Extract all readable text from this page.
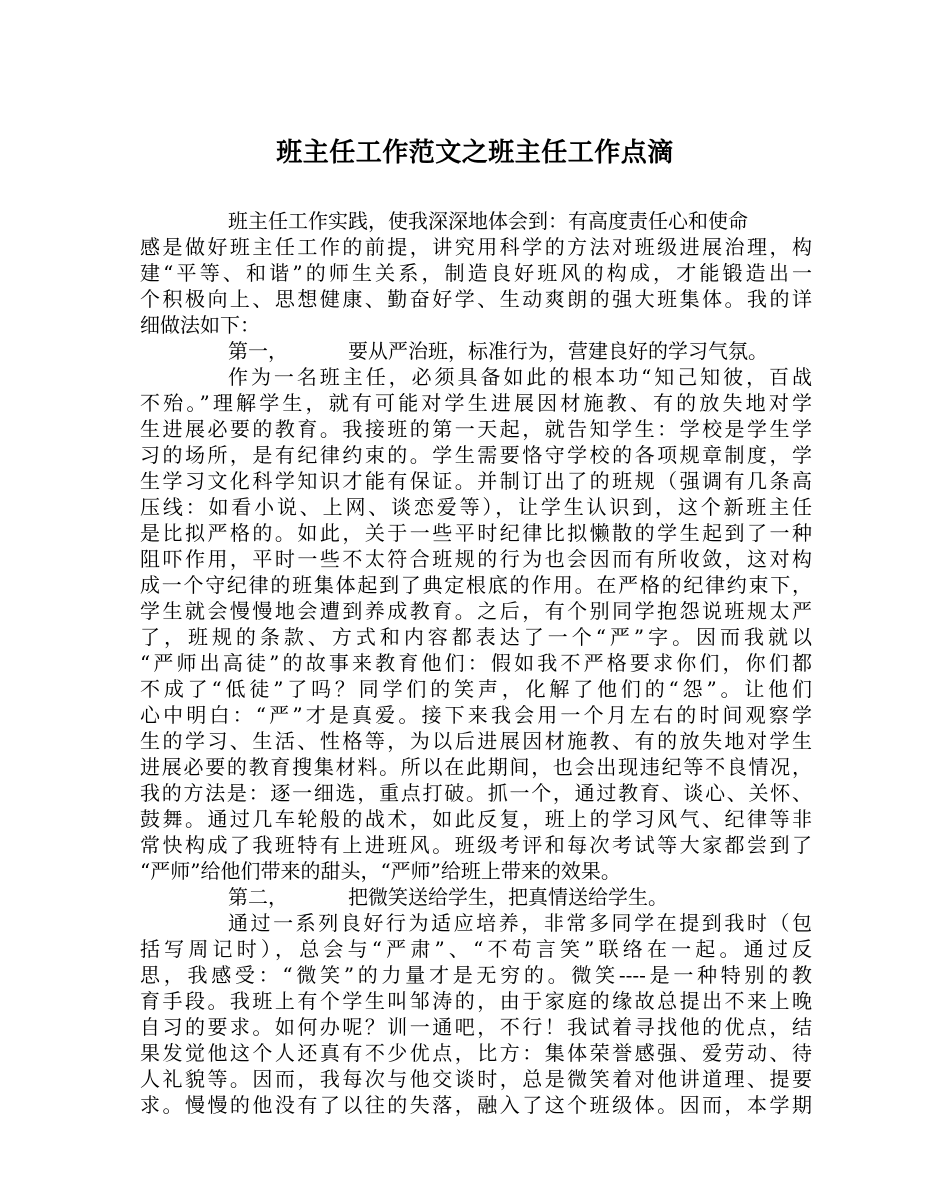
班主任工作范文之班主任工作点滴
班主任工作实践，使我深深地体会到：有高度责任心和使命
感是做好班主任工作的前提，讲究用科学的方法对班级进展治理，构
建“平等、和谐”的师生关系，制造良好班风的构成，才能锻造出一
个积极向上、思想健康、勤奋好学、生动爽朗的强大班集体。我的详
细做法如下：
第一，	要从严治班，标准行为，营建良好的学习气氛。
作为一名班主任，必须具备如此的根本功“知己知彼，百战
不殆。”理解学生，就有可能对学生进展因材施教、有的放失地对学
生进展必要的教育。我接班的第一天起，就告知学生：学校是学生学
习的场所，是有纪律约束的。学生需要恪守学校的各项规章制度，学
生学习文化科学知识才能有保证。并制订出了的班规（强调有几条高
压线：如看小说、上网、谈恋爱等），让学生认识到，这个新班主任
是比拟严格的。如此，关于一些平时纪律比拟懒散的学生起到了一种
阻吓作用，平时一些不太符合班规的行为也会因而有所收敛，这对构
成一个守纪律的班集体起到了典定根底的作用。在严格的纪律约束下，
学生就会慢慢地会遭到养成教育。之后，有个别同学抱怨说班规太严
了，班规的条款、方式和内容都表达了一个“严”字。因而我就以
“严师出高徒”的故事来教育他们：假如我不严格要求你们，你们都
不成了“低徒”了吗？同学们的笑声，化解了他们的“怨”。让他们
心中明白：“严”才是真爱。接下来我会用一个月左右的时间观察学
生的学习、生活、性格等，为以后进展因材施教、有的放失地对学生
进展必要的教育搜集材料。所以在此期间，也会出现违纪等不良情况，
我的方法是：逐一细选，重点打破。抓一个，通过教育、谈心、关怀、
鼓舞。通过几车轮般的战术，如此反复，班上的学习风气、纪律等非
常快构成了我班特有上进班风。班级考评和每次考试等大家都尝到了
“严师”给他们带来的甜头，“严师”给班上带来的效果。
第二，	把微笑送给学生，把真情送给学生。
通过一系列良好行为适应培养，非常多同学在提到我时（包
括写周记时），总会与“严肃”、“不苟言笑”联络在一起。通过反
思，我感受：“微笑”的力量才是无穷的。微笑----是一种特别的教
育手段。我班上有个学生叫邹涛的，由于家庭的缘故总提出不来上晚
自习的要求。如何办呢？训一通吧，不行！我试着寻找他的优点，结
果发觉他这个人还真有不少优点，比方：集体荣誉感强、爱劳动、待
人礼貌等。因而，我每次与他交谈时，总是微笑着对他讲道理、提要
求。慢慢的他没有了以往的失落，融入了这个班级体。因而，本学期
